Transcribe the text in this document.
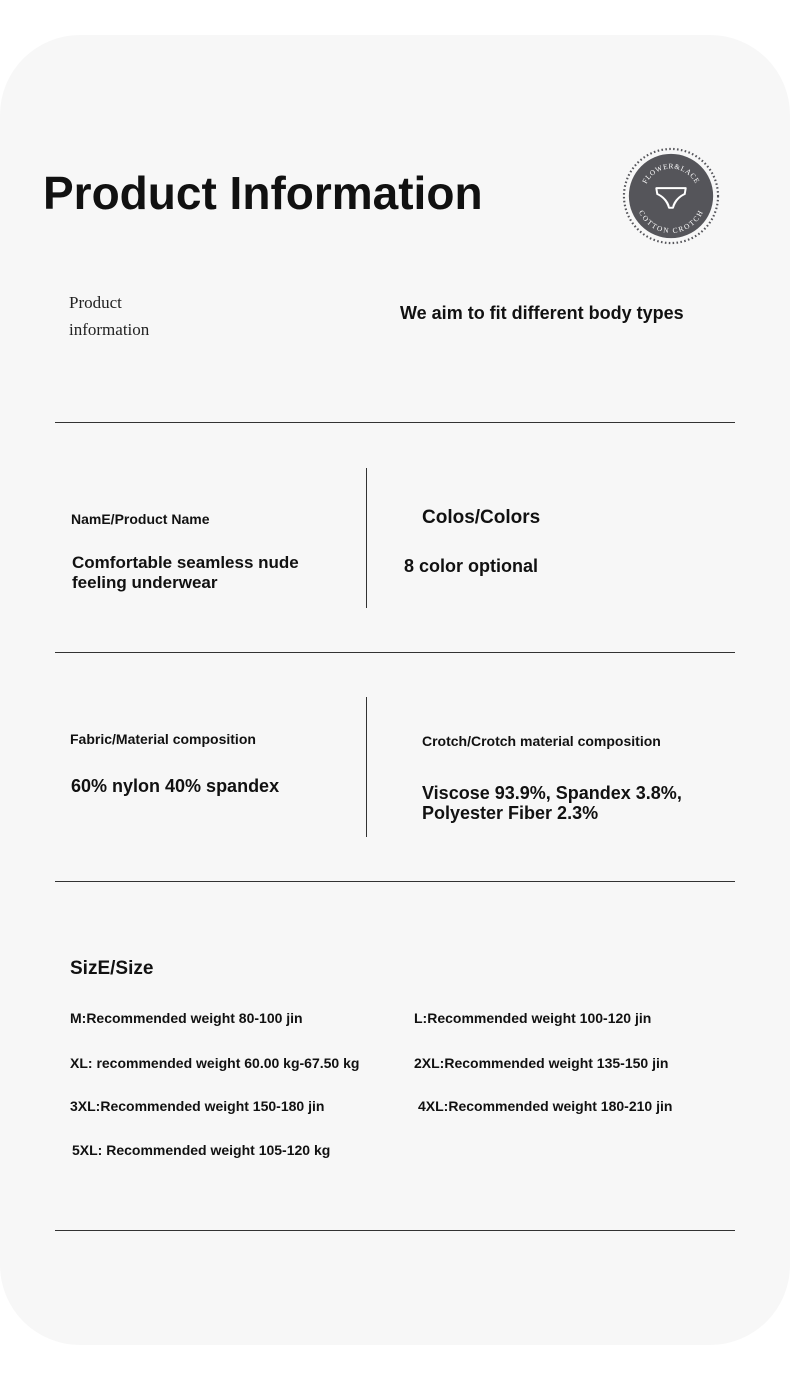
Product Information	FLOWER&LACE
COTTON CROTCH
Product
information
We aim to fit different body types
NamE/Product Name
Comfortable seamless nude
feeling underwear
Colos/Colors
8 color optional
Fabric/Material composition
60% nylon 40% spandex
Crotch/Crotch material composition
Viscose 93.9%, Spandex 3.8%,
Polyester Fiber 2.3%
SizE/Size
M:Recommended weight 80-100 jin	L:Recommended weight 100-120 jin
XL: recommended weight 60.00 kg-67.50 kg	2XL:Recommended weight 135-150 jin
3XL:Recommended weight 150-180 jin	4XL:Recommended weight 180-210 jin
5XL: Recommended weight 105-120 kg
